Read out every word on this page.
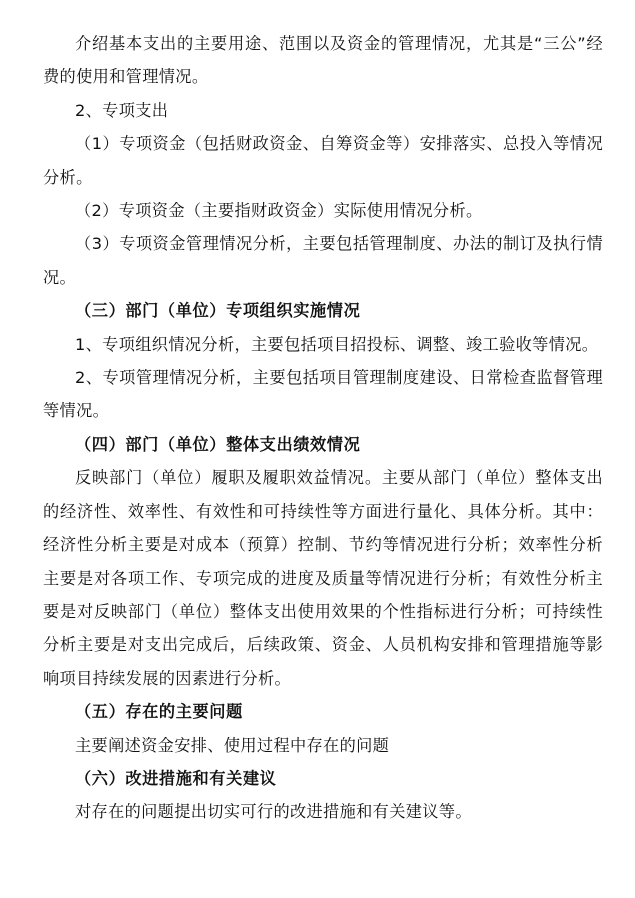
介绍基本支出的主要用途、范围以及资金的管理情况，尤其是“三公”经费的使用和管理情况。

2、专项支出

（1）专项资金（包括财政资金、自筹资金等）安排落实、总投入等情况分析。

（2）专项资金（主要指财政资金）实际使用情况分析。

（3）专项资金管理情况分析，主要包括管理制度、办法的制订及执行情况。

（三）部门（单位）专项组织实施情况

1、专项组织情况分析，主要包括项目招投标、调整、竣工验收等情况。

2、专项管理情况分析，主要包括项目管理制度建设、日常检查监督管理等情况。

（四）部门（单位）整体支出绩效情况

反映部门（单位）履职及履职效益情况。主要从部门（单位）整体支出的经济性、效率性、有效性和可持续性等方面进行量化、具体分析。其中：经济性分析主要是对成本（预算）控制、节约等情况进行分析；效率性分析主要是对各项工作、专项完成的进度及质量等情况进行分析；有效性分析主要是对反映部门（单位）整体支出使用效果的个性指标进行分析；可持续性分析主要是对支出完成后，后续政策、资金、人员机构安排和管理措施等影响项目持续发展的因素进行分析。

（五）存在的主要问题

主要阐述资金安排、使用过程中存在的问题

（六）改进措施和有关建议

对存在的问题提出切实可行的改进措施和有关建议等。
